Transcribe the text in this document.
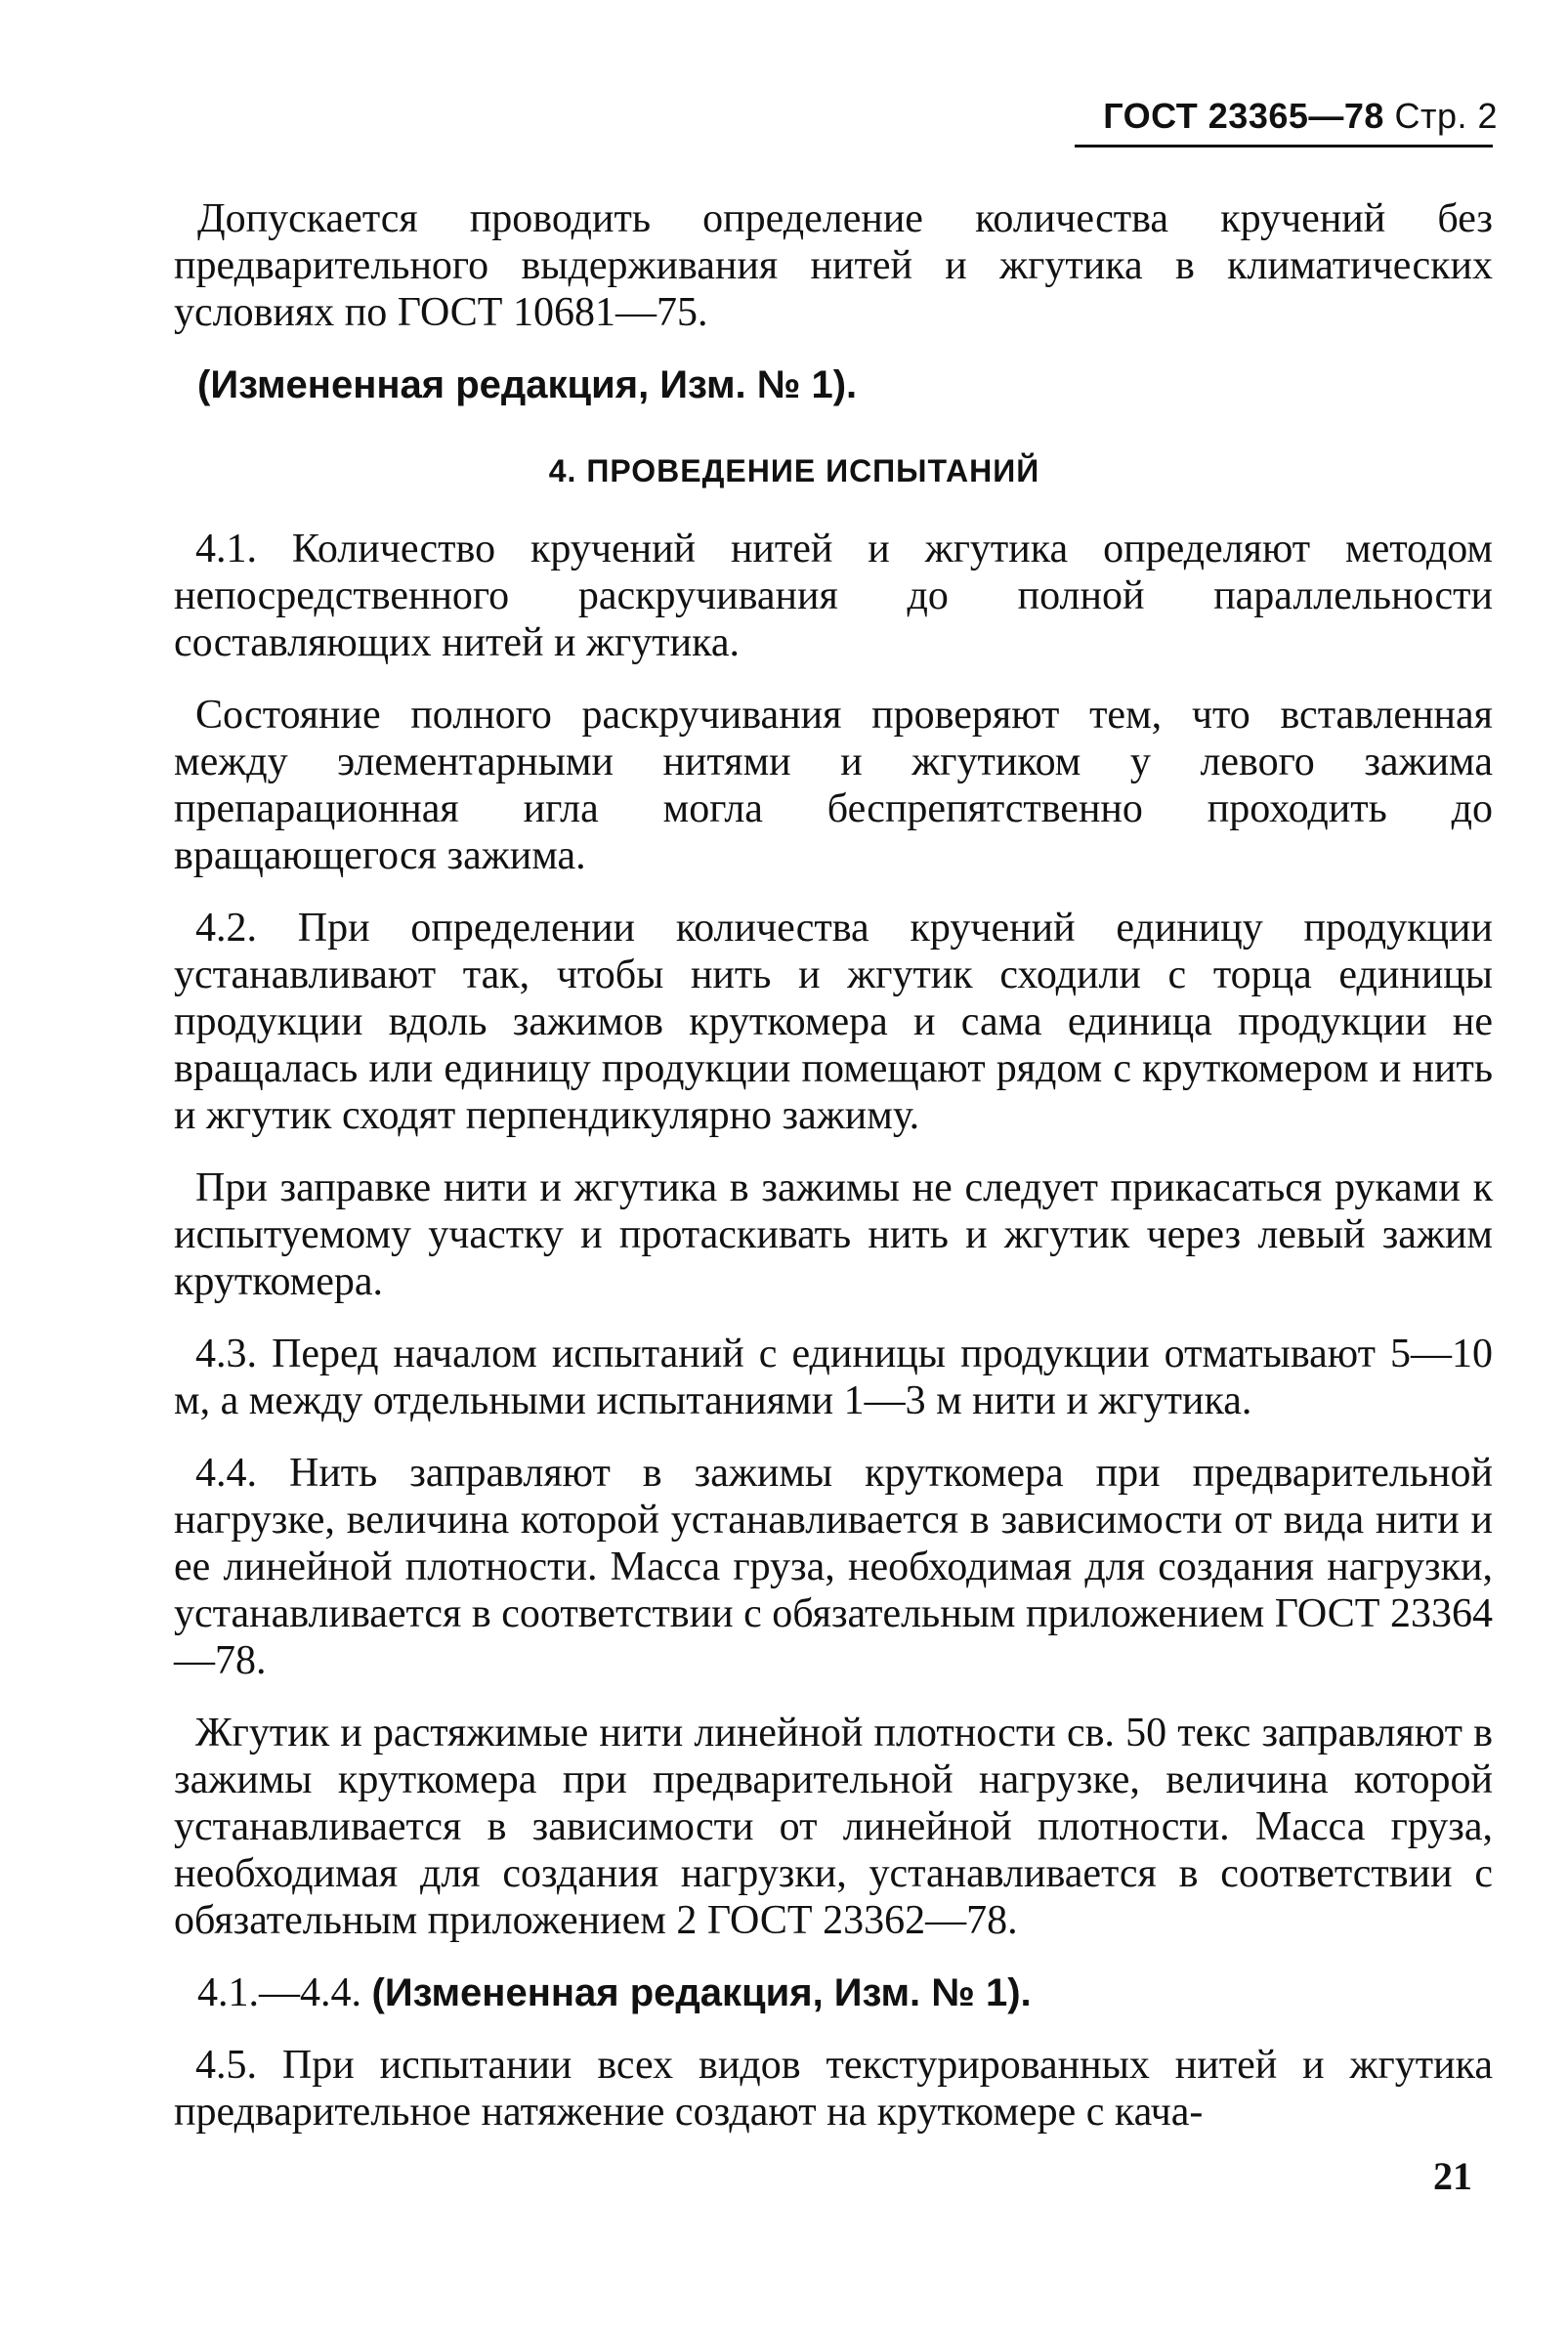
ГОСТ 23365—78 Стр. 2

Допускается проводить определение количества кручений без предварительного выдерживания нитей и жгутика в климатических условиях по ГОСТ 10681—75.

(Измененная редакция, Изм. № 1).

4. ПРОВЕДЕНИЕ ИСПЫТАНИЙ

4.1. Количество кручений нитей и жгутика определяют методом непосредственного раскручивания до полной параллельности составляющих нитей и жгутика.

Состояние полного раскручивания проверяют тем, что вставленная между элементарными нитями и жгутиком у левого зажима препарационная игла могла беспрепятственно проходить до вращающегося зажима.

4.2. При определении количества кручений единицу продукции устанавливают так, чтобы нить и жгутик сходили с торца единицы продукции вдоль зажимов круткомера и сама единица продукции не вращалась или единицу продукции помещают рядом с круткомером и нить и жгутик сходят перпендикулярно зажиму.

При заправке нити и жгутика в зажимы не следует прикасаться руками к испытуемому участку и протаскивать нить и жгутик через левый зажим круткомера.

4.3. Перед началом испытаний с единицы продукции отматывают 5—10 м, а между отдельными испытаниями 1—3 м нити и жгутика.

4.4. Нить заправляют в зажимы круткомера при предварительной нагрузке, величина которой устанавливается в зависимости от вида нити и ее линейной плотности. Масса груза, необходимая для создания нагрузки, устанавливается в соответствии с обязательным приложением ГОСТ 23364—78.

Жгутик и растяжимые нити линейной плотности св. 50 текс заправляют в зажимы круткомера при предварительной нагрузке, величина которой устанавливается в зависимости от линейной плотности. Масса груза, необходимая для создания нагрузки, устанавливается в соответствии с обязательным приложением 2 ГОСТ 23362—78.

4.1.—4.4. (Измененная редакция, Изм. № 1).

4.5. При испытании всех видов текстурированных нитей и жгутика предварительное натяжение создают на круткомере с кача-

21
